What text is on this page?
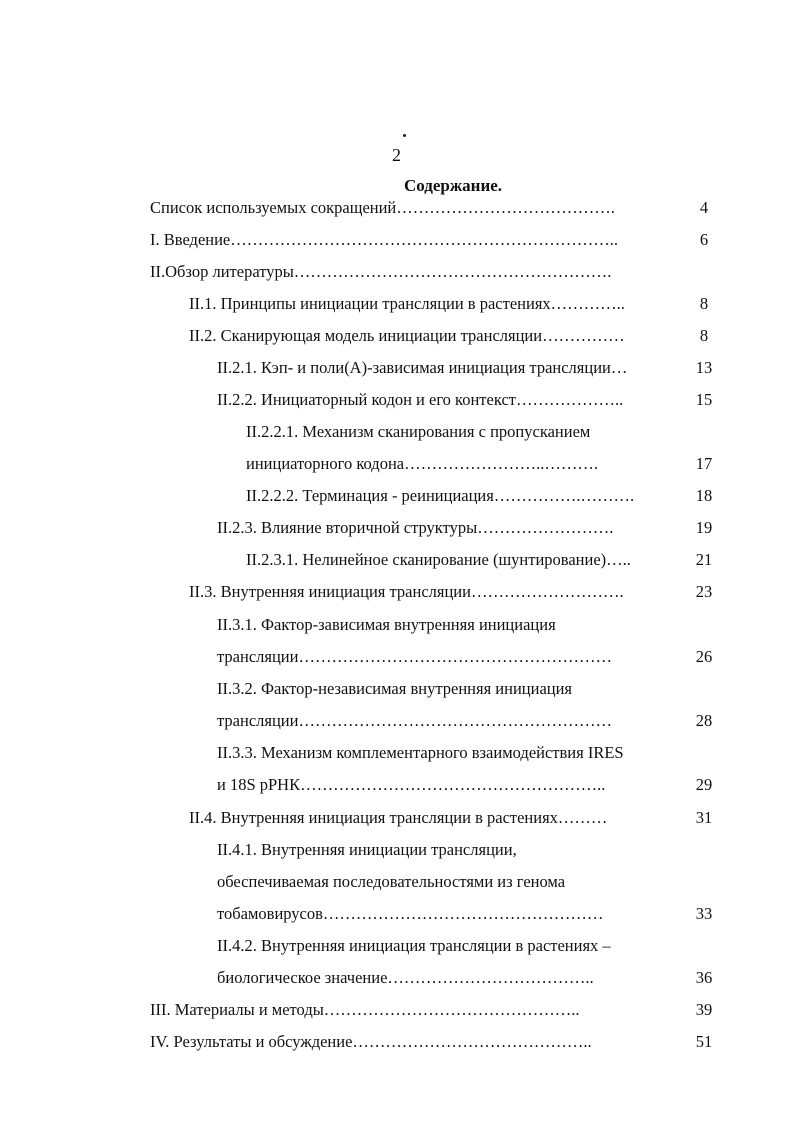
2
Содержание.
Список используемых сокращений………………………………….	4
I. Введение……………………………………………………………..	6
II.Обзор литературы………………………………………………….
II.1. Принципы инициации трансляции в растениях…………..	8
II.2. Сканирующая модель инициации трансляции……………	8
II.2.1. Кэп- и поли(А)-зависимая инициация трансляции…	13
II.2.2. Инициаторный кодон и его контекст………………..	15
II.2.2.1. Механизм сканирования с пропусканием
инициаторного кодона……………………..……….	17
II.2.2.2. Терминация - реинициация…………….……….	18
II.2.3. Влияние вторичной структуры…………………….	19
II.2.3.1. Нелинейное сканирование (шунтирование)…..	21
II.3. Внутренняя инициация трансляции……………………….	23
II.3.1. Фактор-зависимая внутренняя инициация
трансляции…………………………………………………	26
II.3.2. Фактор-независимая внутренняя инициация
трансляции…………………………………………………	28
II.3.3. Механизм комплементарного взаимодействия IRES
и 18S рРНК………………………………………………..	29
II.4. Внутренняя инициация трансляции в растениях………	31
II.4.1. Внутренняя инициации трансляции,
обеспечиваемая последовательностями из генома
тобамовирусов……………………………………………	33
II.4.2. Внутренняя инициация трансляции в растениях –
биологическое значение………………………………..	36
III. Материалы и методы………………………………………..	39
IV. Результаты и обсуждение……………………………………..	51
